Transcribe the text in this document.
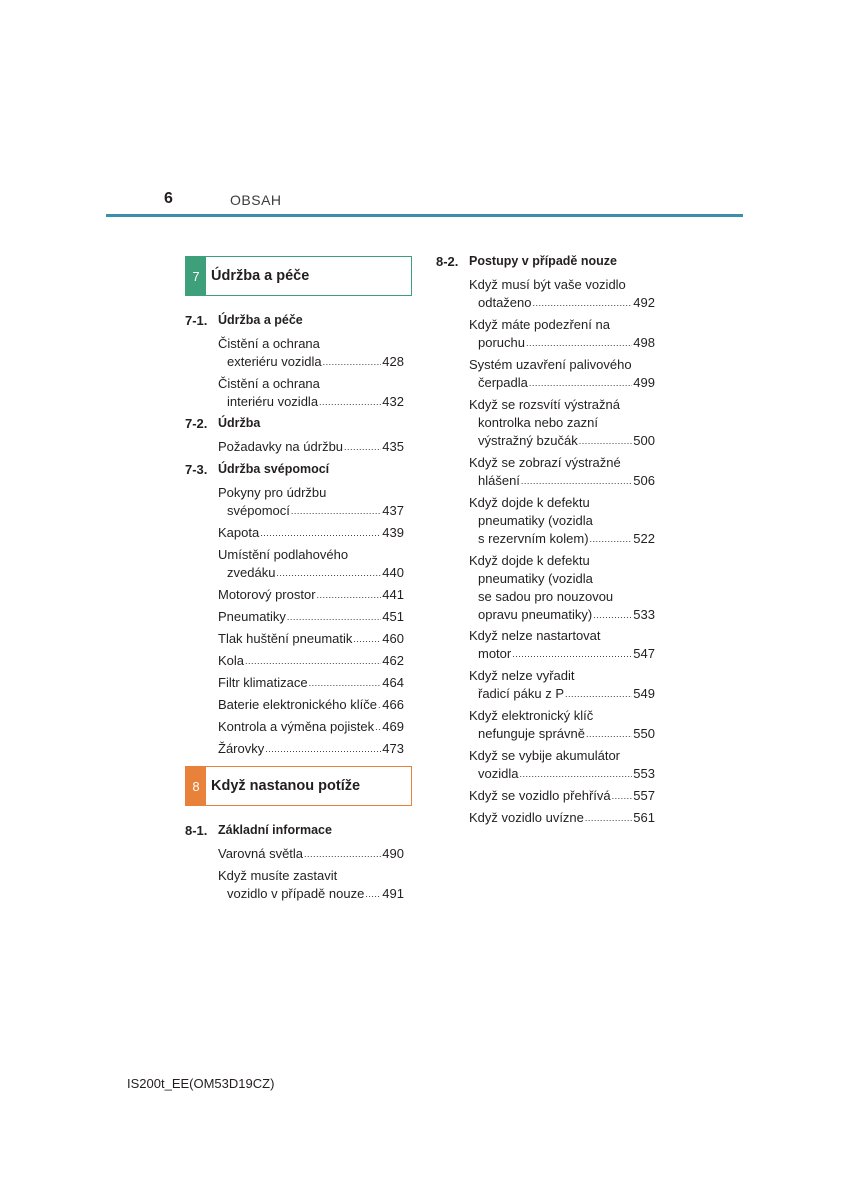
6	OBSAH
7 Údržba a péče
7-1. Údržba a péče
Čistění a ochrana
exteriéru vozidla .....	428
Čistění a ochrana
interiéru vozidla .....	432
7-2. Údržba
Požadavky na údržbu .....	435
7-3. Údržba svépomocí
Pokyny pro údržbu
svépomocí .....	437
Kapota .....	439
Umístění podlahového
zvedáku .....	440
Motorový prostor .....	441
Pneumatiky .....	451
Tlak huštění pneumatik ..... 460
Kola .....	462
Filtr klimatizace .....	464
Baterie elektronického klíče ..... 466
Kontrola a výměna pojistek ..... 469
Žárovky .....	473
8 Když nastanou potíže
8-1. Základní informace
Varovná světla .....	490
Když musíte zastavit
vozidlo v případě nouze ..... 491
8-2. Postupy v případě nouze
Když musí být vaše vozidlo
odtaženo .....	492
Když máte podezření na
poruchu .....	498
Systém uzavření palivového
čerpadla .....	499
Když se rozsvítí výstražná
kontrolka nebo zazní
výstražný bzučák .....	500
Když se zobrazí výstražné
hlášení .....	506
Když dojde k defektu
pneumatiky (vozidla
s rezervním kolem) .....	522
Když dojde k defektu
pneumatiky (vozidla
se sadou pro nouzovou
opravu pneumatiky) .....	533
Když nelze nastartovat
motor .....	547
Když nelze vyřadit
řadicí páku z P .....	549
Když elektronický klíč
nefunguje správně .....	550
Když se vybije akumulátor
vozidla .....	553
Když se vozidlo přehřívá ..... 557
Když vozidlo uvízne .....	561
IS200t_EE(OM53D19CZ)
